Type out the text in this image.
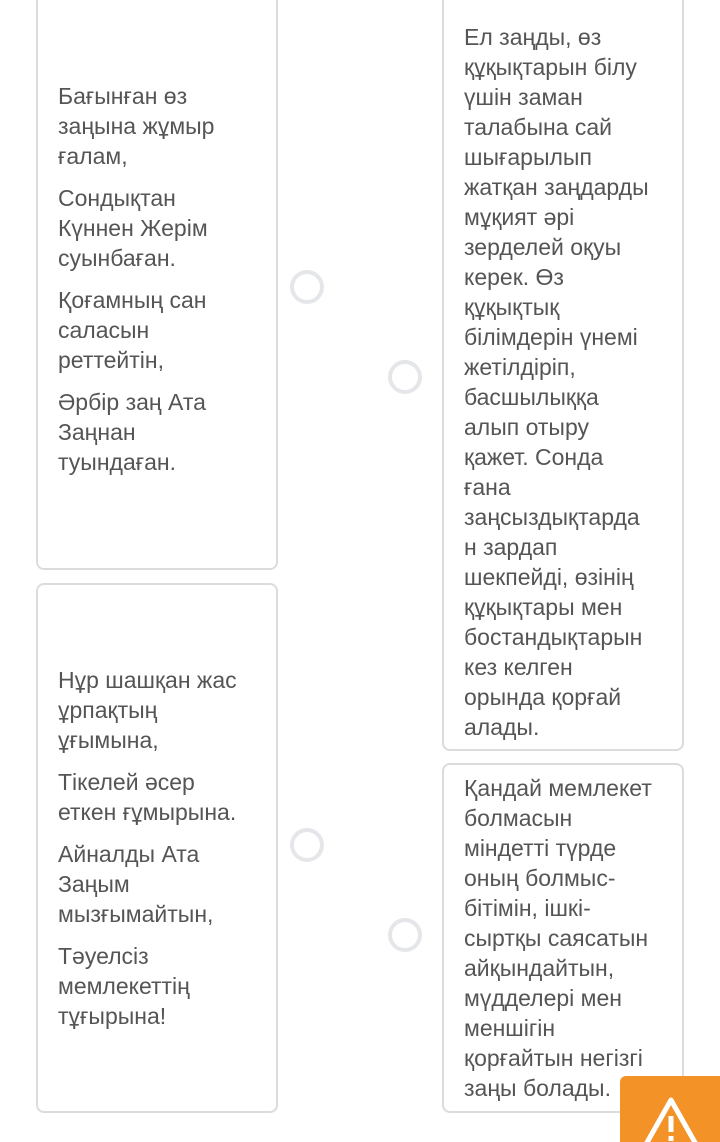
Бағынған өз
заңына жұмыр
ғалам,

Сондықтан
Күннен Жерім
суынбаған.

Қоғамның сан
саласын
реттейтін,

Әрбір заң Ата
Заңнан
туындаған.

Нұр шашқан жас
ұрпақтың
ұғымына,

Тікелей әсер
еткен ғұмырына.

Айналды Ата
Заңым
мызғымайтын,

Тәуелсіз
мемлекеттің
тұғырына!

Ел заңды, өз
құқықтарын білу
үшін заман
талабына сай
шығарылып
жатқан заңдарды
мұқият әрі
зерделей оқуы
керек. Өз
құқықтық
білімдерін үнемі
жетілдіріп,
басшылыққа
алып отыру
қажет. Сонда
ғана
заңсыздықтарда
н зардап
шекпейді, өзінің
құқықтары мен
бостандықтарын
кез келген
орында қорғай
алады.

Қандай мемлекет
болмасын
міндетті түрде
оның болмыс-
бітімін, ішкі-
сыртқы саясатын
айқындайтын,
мүдделері мен
меншігін
қорғайтын негізгі
заңы болады.
